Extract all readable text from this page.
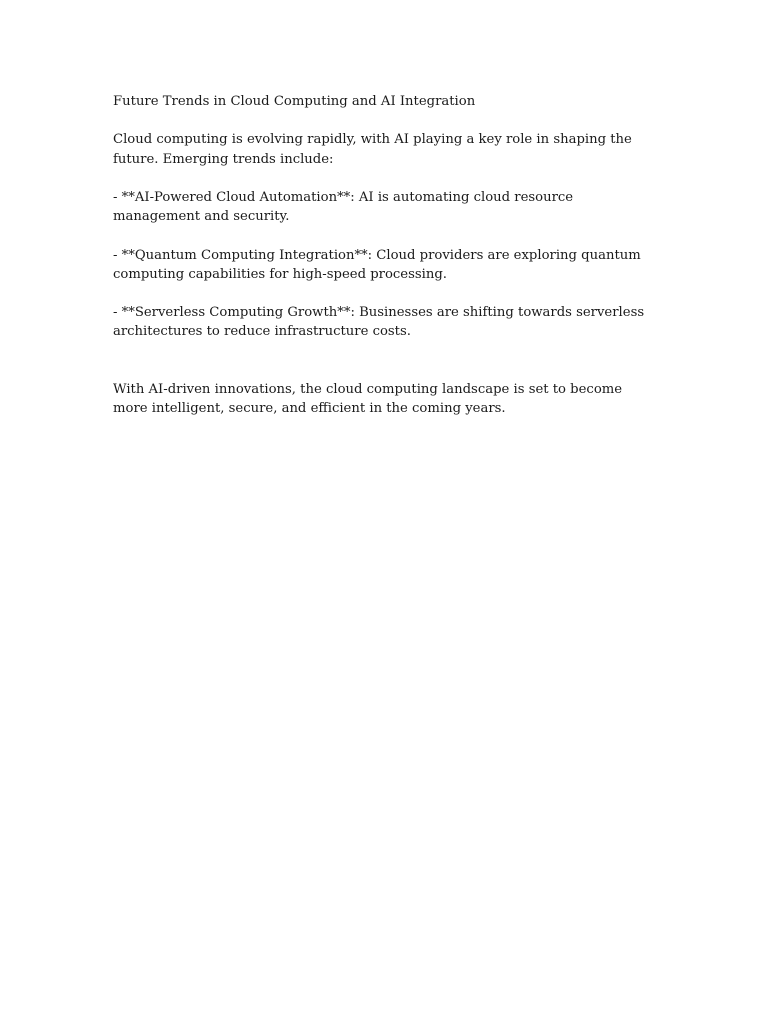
Future Trends in Cloud Computing and AI Integration

Cloud computing is evolving rapidly, with AI playing a key role in shaping the future. Emerging trends include:

- **AI-Powered Cloud Automation**: AI is automating cloud resource management and security.

- **Quantum Computing Integration**: Cloud providers are exploring quantum computing capabilities for high-speed processing.

- **Serverless Computing Growth**: Businesses are shifting towards serverless architectures to reduce infrastructure costs.

With AI-driven innovations, the cloud computing landscape is set to become more intelligent, secure, and efficient in the coming years.
